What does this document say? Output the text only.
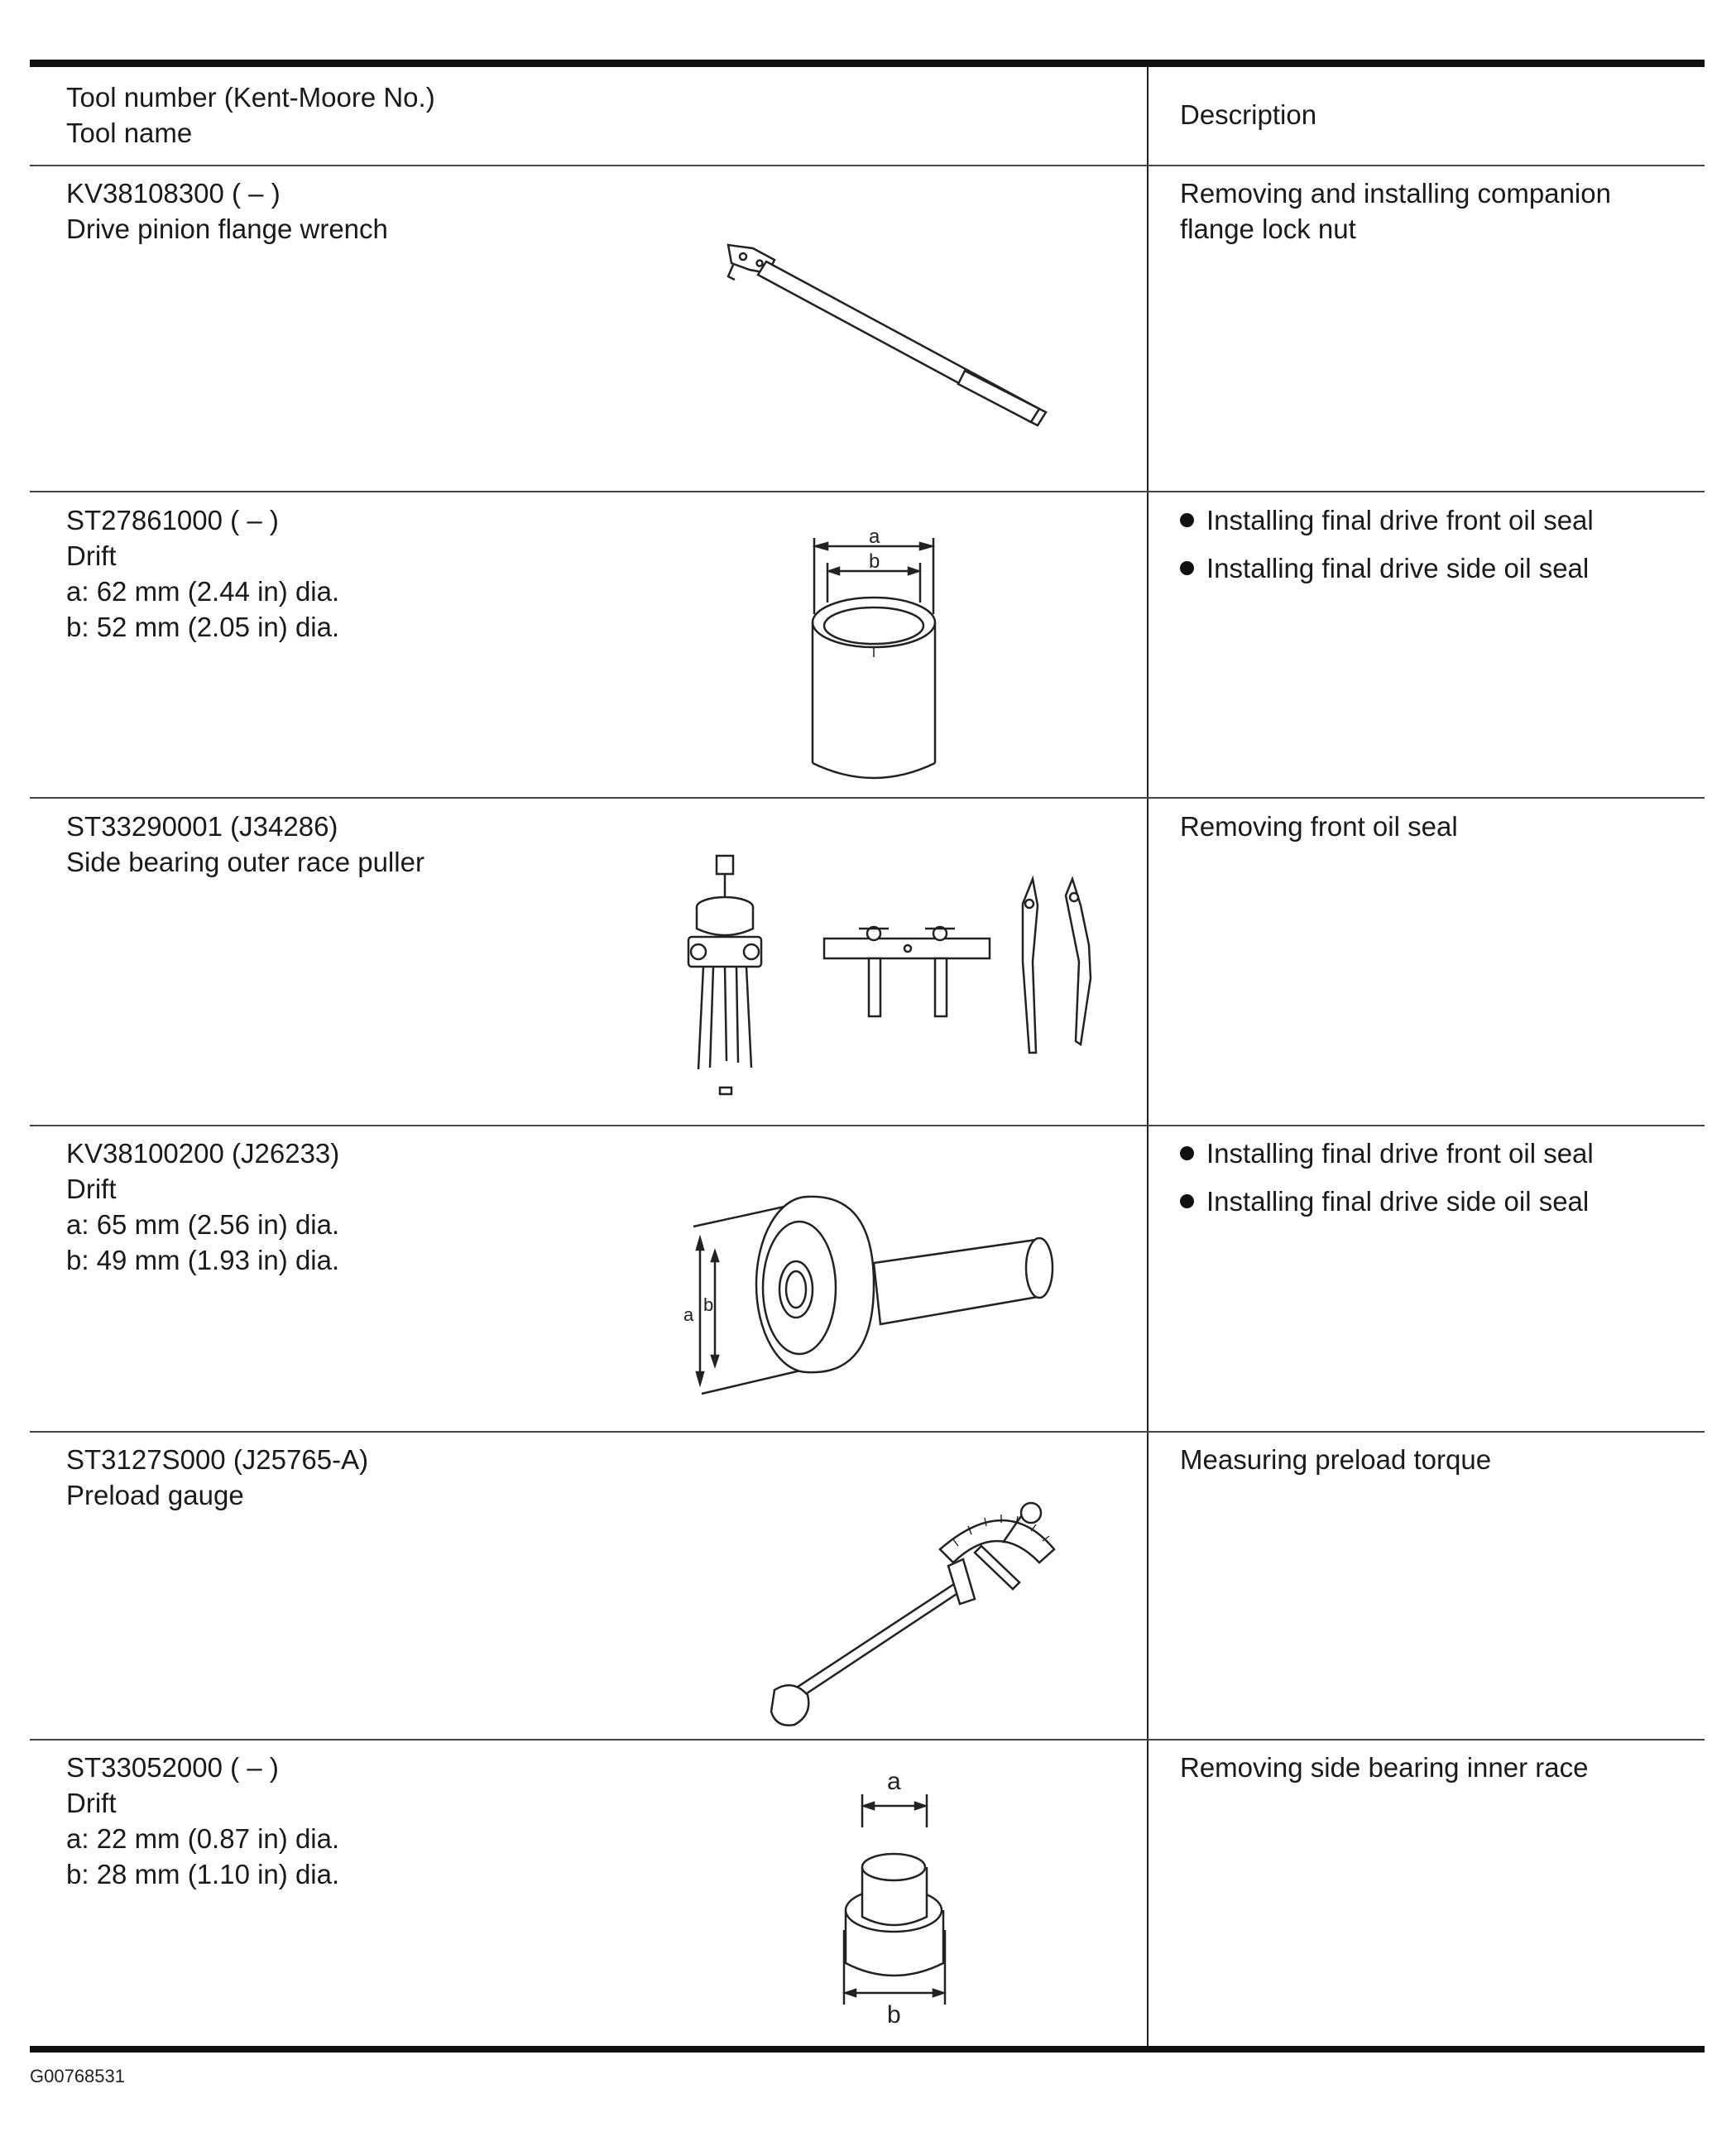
Tool number (Kent-Moore No.)
Tool name
Description
KV38108300 ( – )
Drive pinion flange wrench
Removing and installing companion
flange lock nut
ST27861000 ( – )
Drift
a: 62 mm (2.44 in) dia.
b: 52 mm (2.05 in) dia.
Installing final drive front oil seal
Installing final drive side oil seal
a
b
ST33290001 (J34286)
Side bearing outer race puller
Removing front oil seal
KV38100200 (J26233)
Drift
a: 65 mm (2.56 in) dia.
b: 49 mm (1.93 in) dia.
Installing final drive front oil seal
Installing final drive side oil seal
a b
ST3127S000 (J25765-A)
Preload gauge
Measuring preload torque
ST33052000 ( – )
Drift
a: 22 mm (0.87 in) dia.
b: 28 mm (1.10 in) dia.
Removing side bearing inner race
a
b
G00768531
